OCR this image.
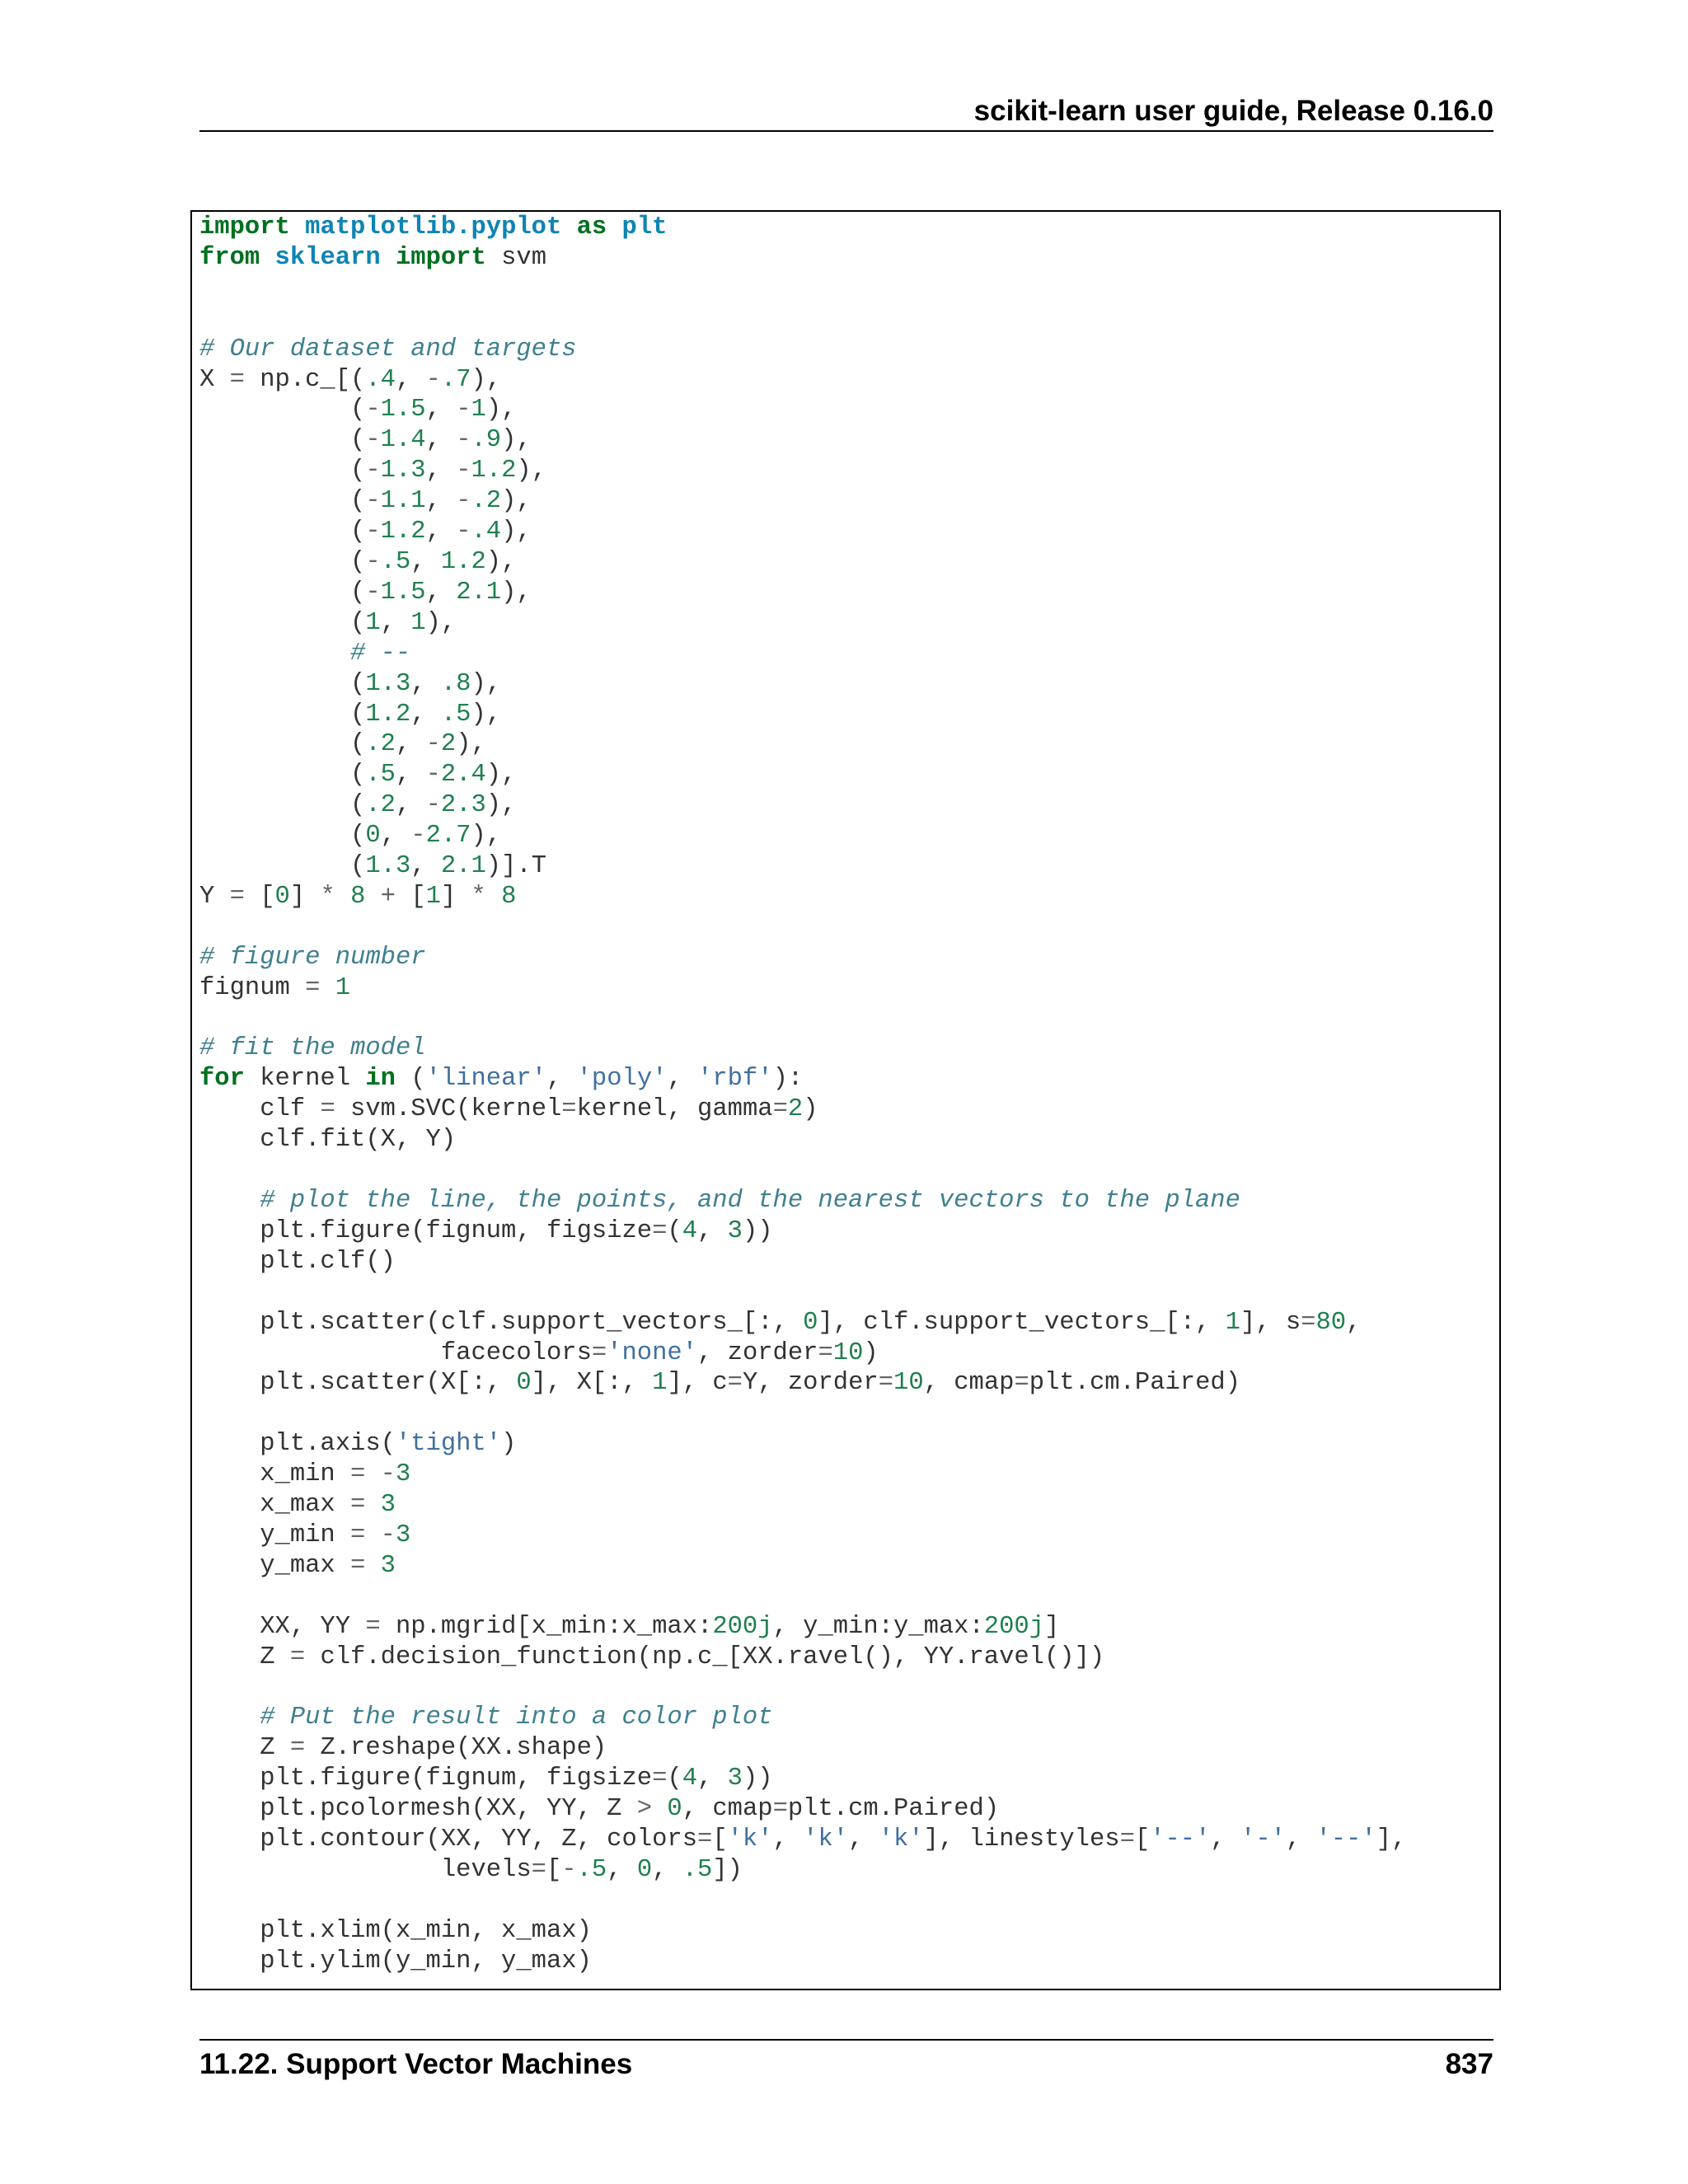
scikit-learn user guide, Release 0.16.0
import matplotlib.pyplot as plt
from sklearn import svm

# Our dataset and targets
X = np.c_[(.4, -.7),
(-1.5, -1),
(-1.4, -.9),
(-1.3, -1.2),
(-1.1, -.2),
(-1.2, -.4),
(-.5, 1.2),
(-1.5, 2.1),
(1, 1),
# --
(1.3, .8),
(1.2, .5),
(.2, -2),
(.5, -2.4),
(.2, -2.3),
(0, -2.7),
(1.3, 2.1)].T
Y = [0] * 8 + [1] * 8

# figure number
fignum = 1

# fit the model
for kernel in ('linear', 'poly', 'rbf'):
clf = svm.SVC(kernel=kernel, gamma=2)
clf.fit(X, Y)

# plot the line, the points, and the nearest vectors to the plane
plt.figure(fignum, figsize=(4, 3))
plt.clf()

plt.scatter(clf.support_vectors_[:, 0], clf.support_vectors_[:, 1], s=80,
facecolors='none', zorder=10)
plt.scatter(X[:, 0], X[:, 1], c=Y, zorder=10, cmap=plt.cm.Paired)

plt.axis('tight')
x_min = -3
x_max = 3
y_min = -3
y_max = 3

XX, YY = np.mgrid[x_min:x_max:200j, y_min:y_max:200j]
Z = clf.decision_function(np.c_[XX.ravel(), YY.ravel()])

# Put the result into a color plot
Z = Z.reshape(XX.shape)
plt.figure(fignum, figsize=(4, 3))
plt.pcolormesh(XX, YY, Z > 0, cmap=plt.cm.Paired)
plt.contour(XX, YY, Z, colors=['k', 'k', 'k'], linestyles=['--', '-', '--'],
levels=[-.5, 0, .5])

plt.xlim(x_min, x_max)
plt.ylim(y_min, y_max)
11.22. Support Vector Machines	837
